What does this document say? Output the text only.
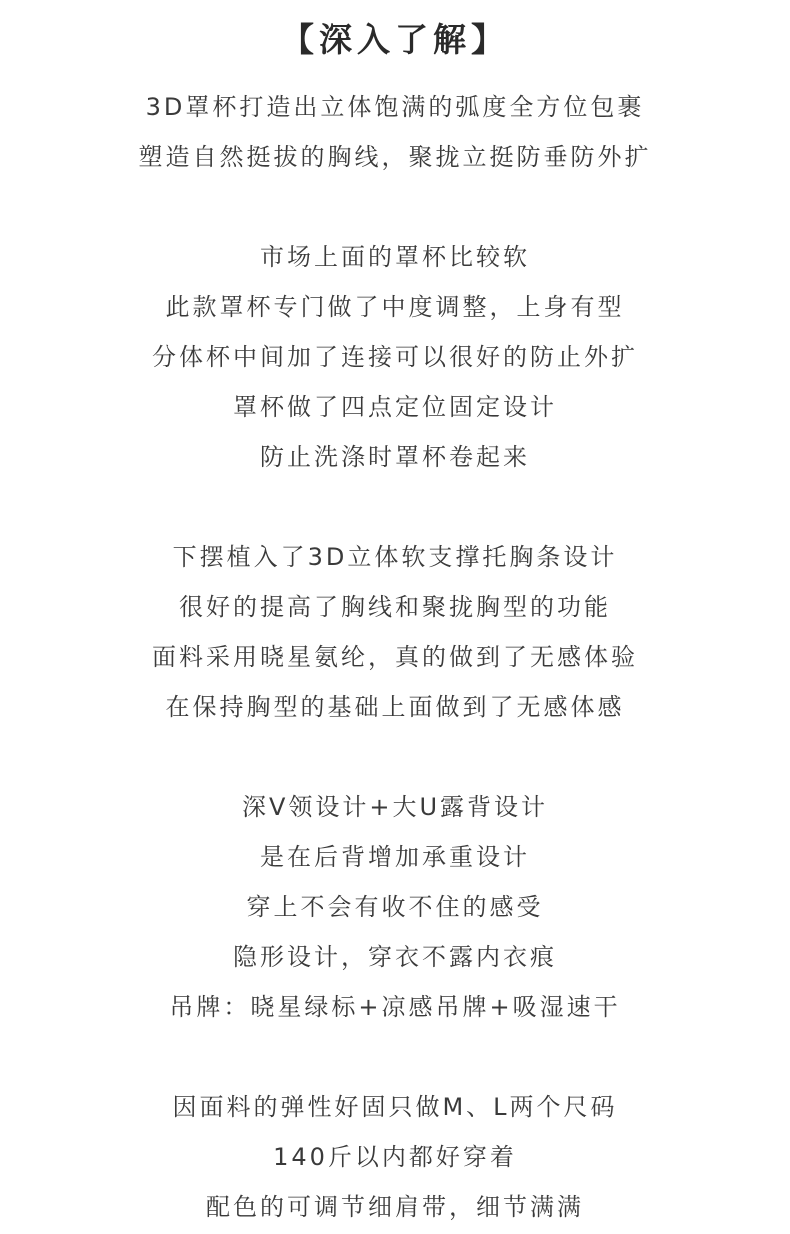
【深入了解】
3D罩杯打造出立体饱满的弧度全方位包裹
塑造自然挺拔的胸线，聚拢立挺防垂防外扩
市场上面的罩杯比较软
此款罩杯专门做了中度调整，上身有型
分体杯中间加了连接可以很好的防止外扩
罩杯做了四点定位固定设计
防止洗涤时罩杯卷起来
下摆植入了3D立体软支撑托胸条设计
很好的提高了胸线和聚拢胸型的功能
面料采用晓星氨纶，真的做到了无感体验
在保持胸型的基础上面做到了无感体感
深V领设计+大U露背设计
是在后背增加承重设计
穿上不会有收不住的感受
隐形设计，穿衣不露内衣痕
吊牌：晓星绿标+凉感吊牌+吸湿速干
因面料的弹性好固只做M、L两个尺码
140斤以内都好穿着
配色的可调节细肩带，细节满满
